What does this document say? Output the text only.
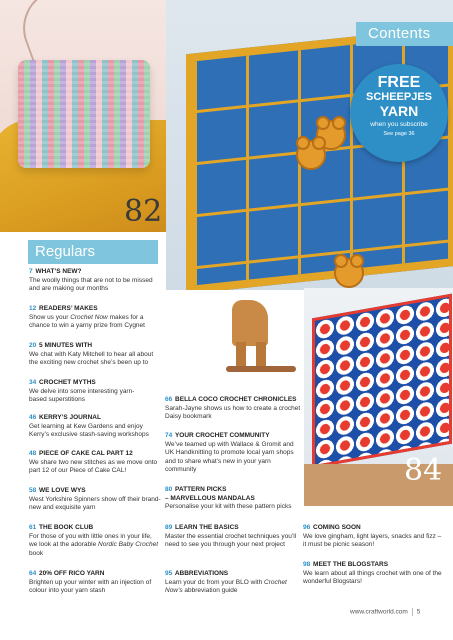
82
16
84
Contents
FREE
SCHEEPJES
YARN
when you subscribe
See page 36
Regulars
7 WHAT’S NEW?
The woolly things that are not to be missed and are making our months
12 READERS’ MAKES
Show us your Crochet Now makes for a chance to win a yarny prize from Cygnet
20 5 MINUTES WITH
We chat with Katy Mitchell to hear all about the exciting new crochet she’s been up to
34 CROCHET MYTHS
We delve into some interesting yarn-based superstitions
46 KERRY’S JOURNAL
Get learning at Kew Gardens and enjoy Kerry’s exclusive stash-saving workshops
48 PIECE OF CAKE CAL PART 12
We share two new stitches as we move onto part 12 of our Piece of Cake CAL!
58 WE LOVE WYS
West Yorkshire Spinners show off their brand-new and exquisite yarn
61 THE BOOK CLUB
For those of you with little ones in your life, we look at the adorable Nordic Baby Crochet book
64 20% OFF RICO YARN
Brighten up your winter with an injection of colour into your yarn stash
66 BELLA COCO CROCHET CHRONICLES
Sarah-Jayne shows us how to create a crochet Daisy bookmark
74 YOUR CROCHET COMMUNITY
We’ve teamed up with Wallace & Gromit and UK Handknitting to promote local yarn shops and to share what’s new in your yarn community
80 PATTERN PICKS
– MARVELLOUS MANDALAS
Personalise your kit with these pattern picks
89 LEARN THE BASICS
Master the essential crochet techniques you’ll need to see you through your next project
95 ABBREVIATIONS
Learn your dc from your BLO with Crochet Now’s abbreviation guide
96 COMING SOON
We love gingham, light layers, snacks and fizz – it must be picnic season!
98 MEET THE BLOGSTARS
We learn about all things crochet with one of the wonderful Blogstars!
www.craftworld.com 5
